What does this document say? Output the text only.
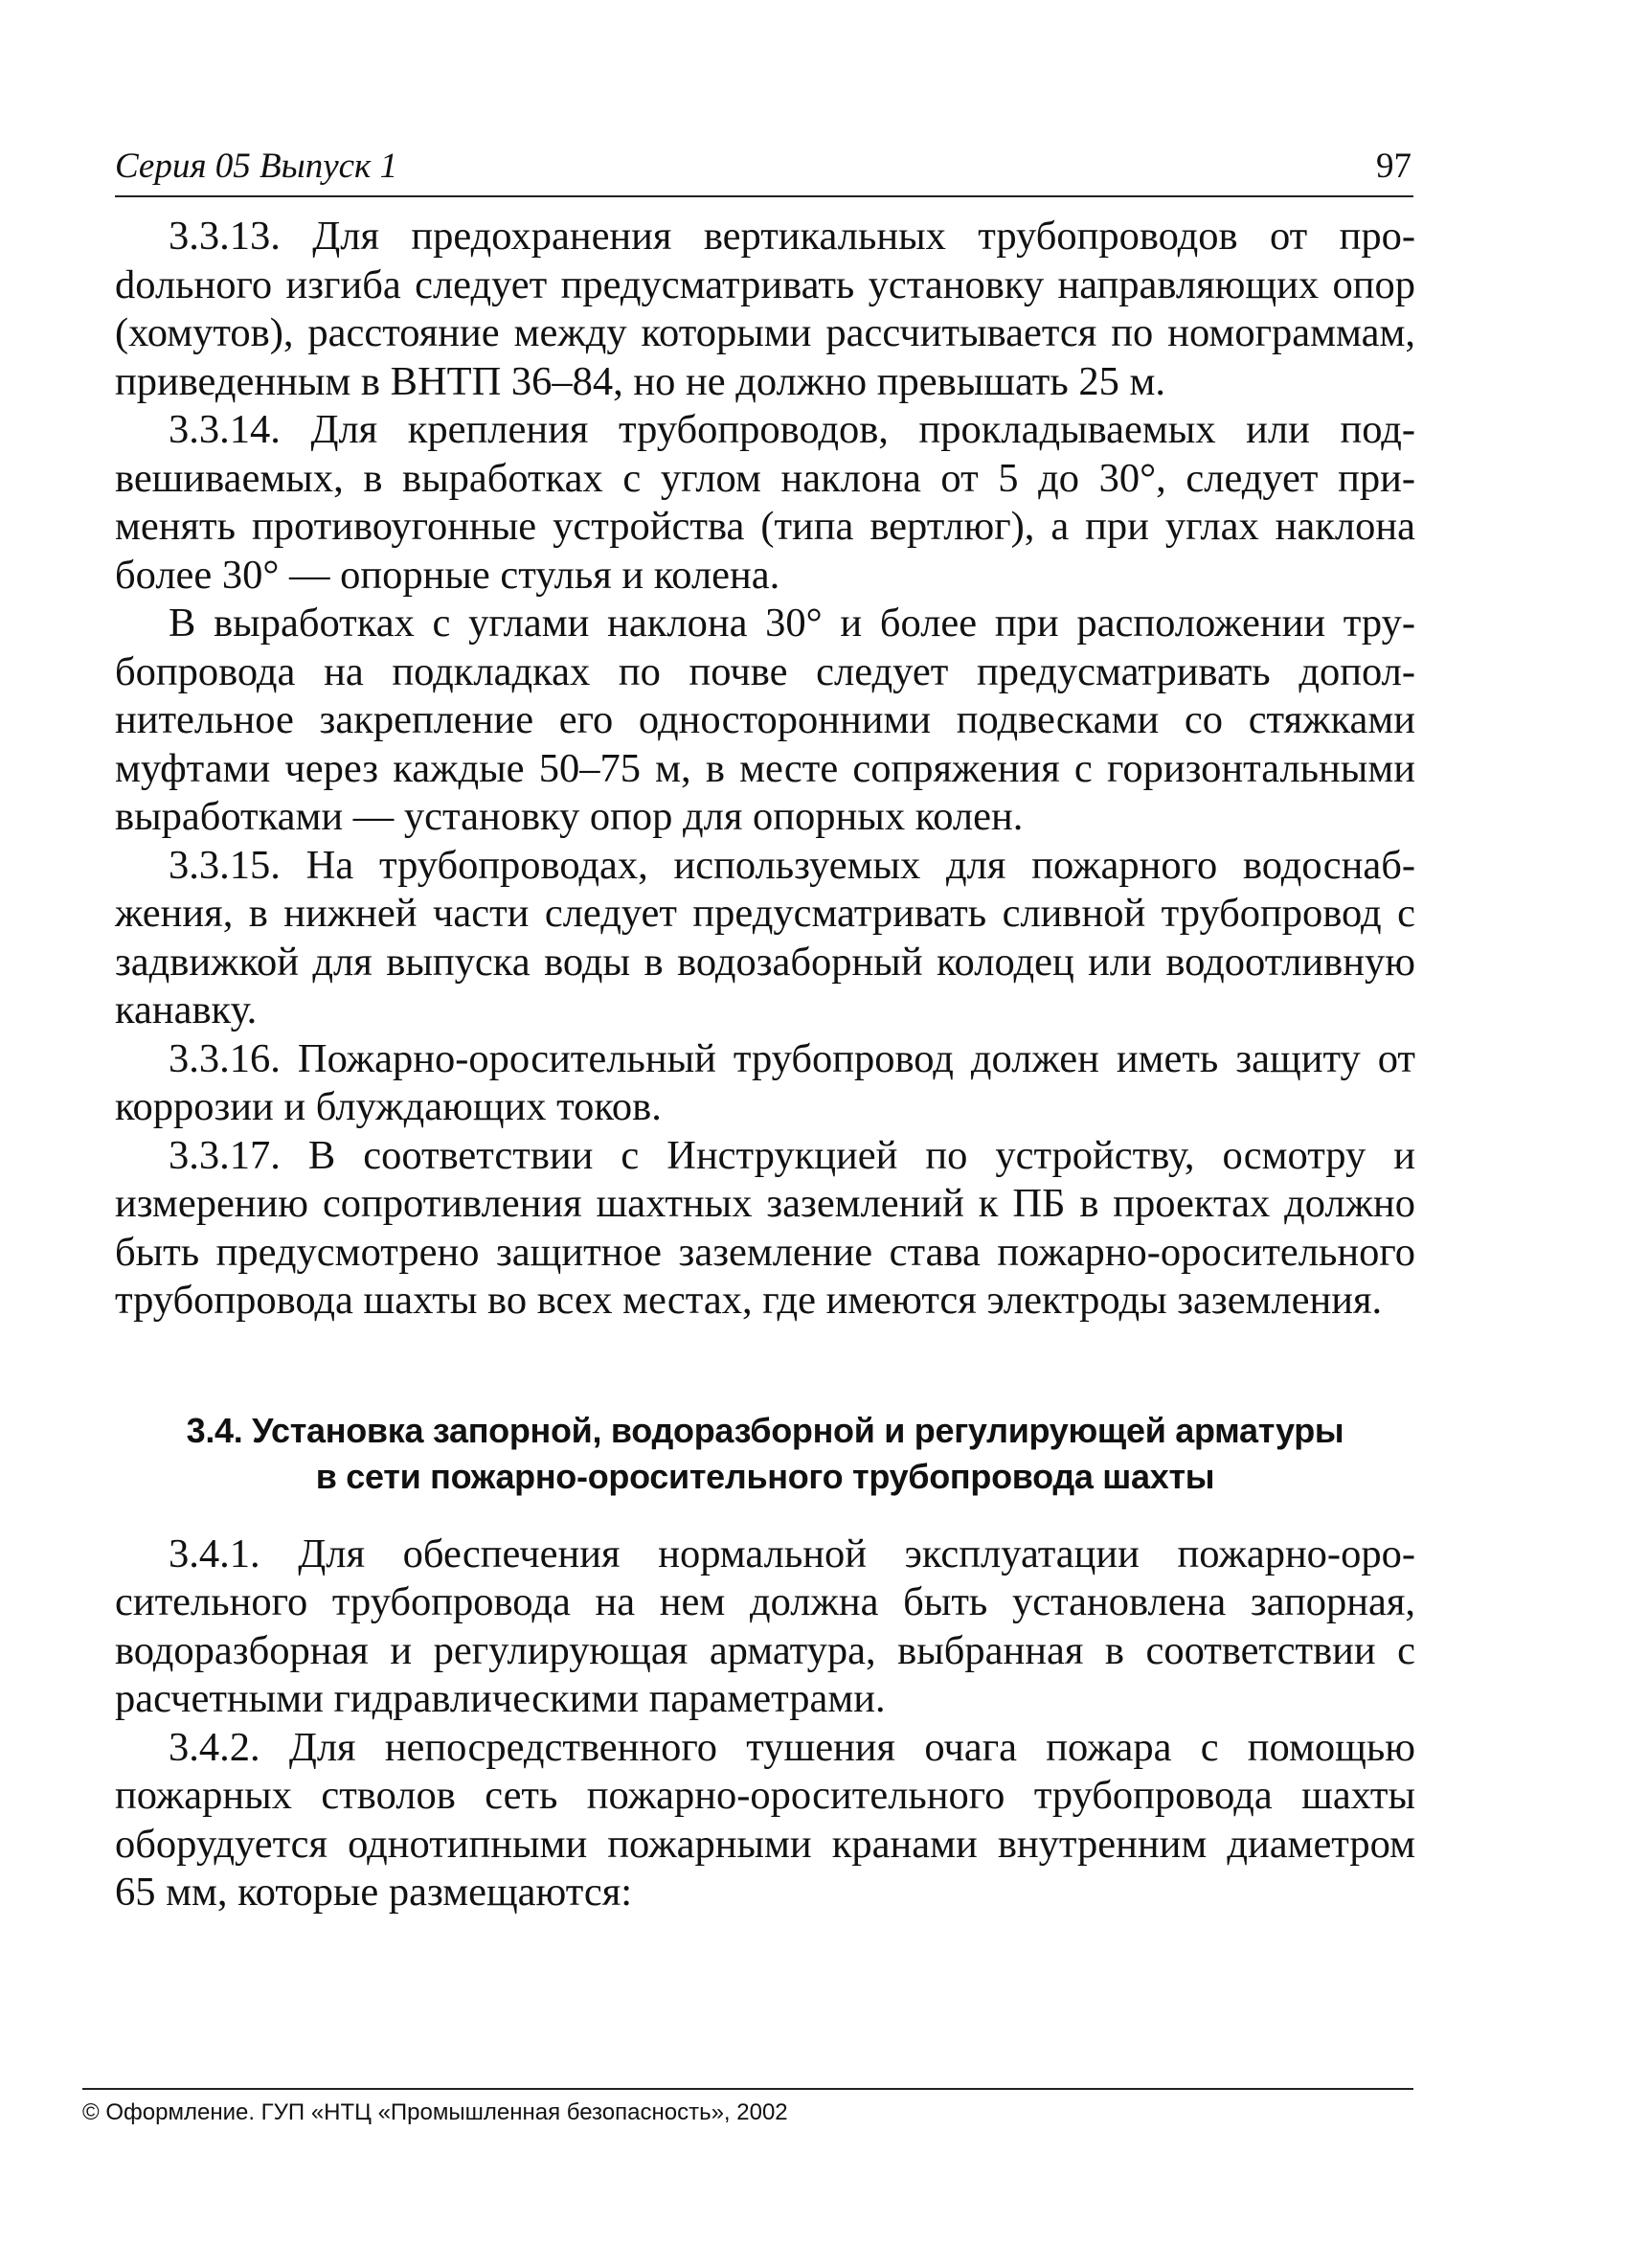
Серия 05 Выпуск 1	97

3.3.13. Для предохранения вертикальных трубопроводов от проdольного изгиба следует предусматривать установку направляющих опор (хомутов), расстояние между которыми рассчитывается по номограммам, приведенным в ВНТП 36–84, но не должно превышать 25 м.

3.3.14. Для крепления трубопроводов, прокладываемых или подвешиваемых, в выработках с углом наклона от 5 до 30°, следует применять противоугонные устройства (типа вертлюг), а при углах наклона более 30° — опорные стулья и колена.

В выработках с углами наклона 30° и более при расположении трубопровода на подкладках по почве следует предусматривать дополнительное закрепление его односторонними подвесками со стяжками муфтами через каждые 50–75 м, в месте сопряжения с горизонтальными выработками — установку опор для опорных колен.

3.3.15. На трубопроводах, используемых для пожарного водоснабжения, в нижней части следует предусматривать сливной трубопровод с задвижкой для выпуска воды в водозаборный колодец или водоотливную канавку.

3.3.16. Пожарно-оросительный трубопровод должен иметь защиту от коррозии и блуждающих токов.

3.3.17. В соответствии с Инструкцией по устройству, осмотру и измерению сопротивления шахтных заземлений к ПБ в проектах должно быть предусмотрено защитное заземление става пожарно-оросительного трубопровода шахты во всех местах, где имеются электроды заземления.

3.4. Установка запорной, водоразборной и регулирующей арматуры
в сети пожарно-оросительного трубопровода шахты

3.4.1. Для обеспечения нормальной эксплуатации пожарно-оросительного трубопровода на нем должна быть установлена запорная, водоразборная и регулирующая арматура, выбранная в соответствии с расчетными гидравлическими параметрами.

3.4.2. Для непосредственного тушения очага пожара с помощью пожарных стволов сеть пожарно-оросительного трубопровода шахты оборудуется однотипными пожарными кранами внутренним диаметром 65 мм, которые размещаются:

© Оформление. ГУП «НТЦ «Промышленная безопасность», 2002
